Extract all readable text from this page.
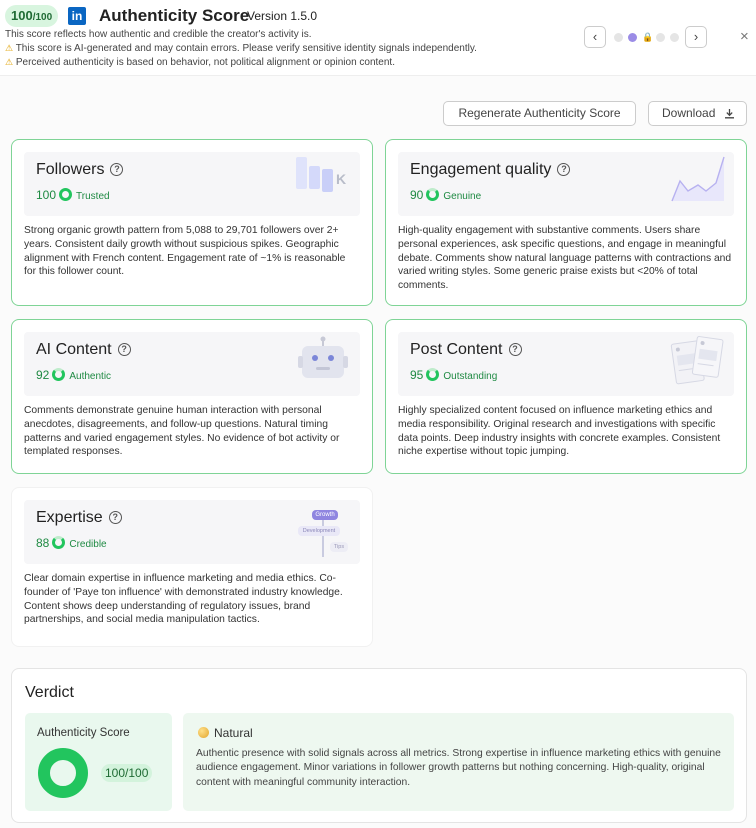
100/100	in Authenticity Score
Version 1.5.0
This score reflects how authentic and credible the creator's activity is.
⚠ This score is AI-generated and may contain errors. Please verify sensitive identity signals independently.
⚠ Perceived authenticity is based on behavior, not political alignment or opinion content.
‹	🔒	›	×
Regenerate Authenticity Score	Download
Followers ?
100 Trusted
K
Strong organic growth pattern from 5,088 to 29,701 followers over 2+ years. Consistent daily growth without suspicious spikes. Geographic alignment with French content. Engagement rate of ~1% is reasonable for this follower count.
Engagement quality ?
90 Genuine
High-quality engagement with substantive comments. Users share personal experiences, ask specific questions, and engage in meaningful debate. Comments show natural language patterns with contractions and varied writing styles. Some generic praise exists but <20% of total comments.
AI Content ?
92 Authentic
Comments demonstrate genuine human interaction with personal anecdotes, disagreements, and follow-up questions. Natural timing patterns and varied engagement styles. No evidence of bot activity or templated responses.
Post Content ?
95 Outstanding
Highly specialized content focused on influence marketing ethics and media responsibility. Original research and investigations with specific data points. Deep industry insights with concrete examples. Consistent niche expertise without topic jumping.
Expertise ?
88 Credible
Growth
Development
Tips
Clear domain expertise in influence marketing and media ethics. Co-founder of 'Paye ton influence' with demonstrated industry knowledge. Content shows deep understanding of regulatory issues, brand partnerships, and social media manipulation tactics.
Verdict
Authenticity Score
100/100
Natural
Authentic presence with solid signals across all metrics. Strong expertise in influence marketing ethics with genuine audience engagement. Minor variations in follower growth patterns but nothing concerning. High-quality, original content with meaningful community interaction.
